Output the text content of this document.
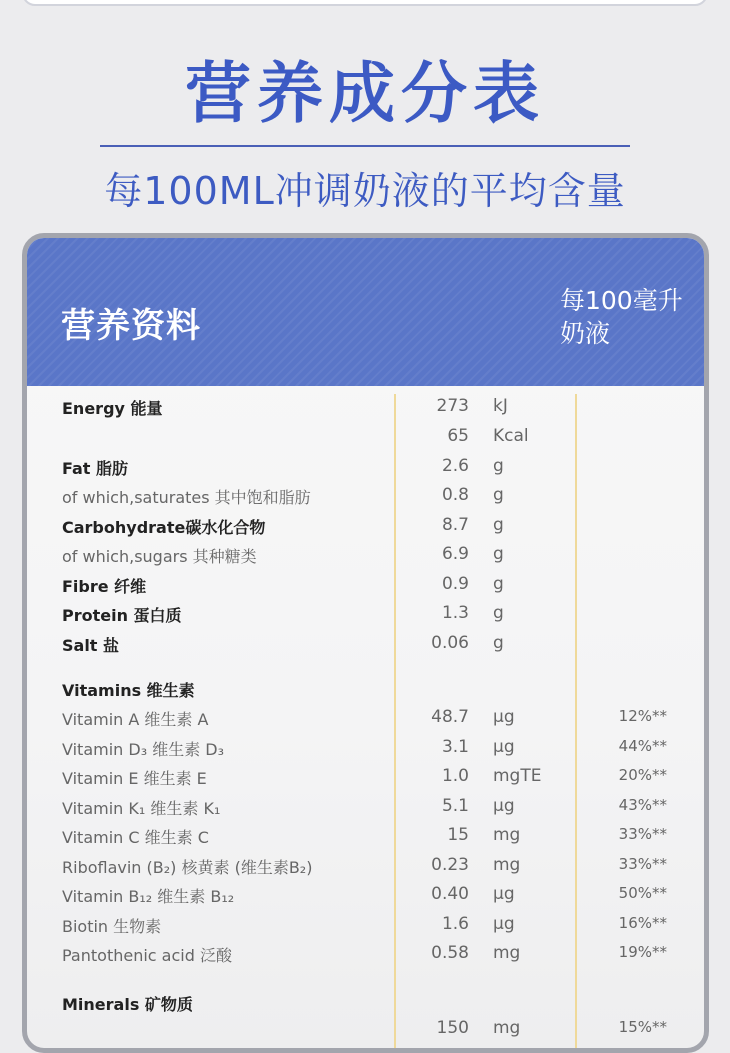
营养成分表
每100ML冲调奶液的平均含量
营养资料
每100毫升奶液
Energy 能量	273 kJ
65 Kcal
Fat 脂肪	2.6 g
of which,saturates 其中饱和脂肪	0.8 g
Carbohydrate碳水化合物	8.7 g
of which,sugars 其种糖类	6.9 g
Fibre 纤维	0.9 g
Protein 蛋白质	1.3 g
Salt 盐	0.06 g
Vitamins 维生素
Vitamin A 维生素 A	48.7 μg	12%**
Vitamin D₃ 维生素 D₃	3.1 μg	44%**
Vitamin E 维生素 E	1.0 mgTE	20%**
Vitamin K₁ 维生素 K₁	5.1 μg	43%**
Vitamin C 维生素 C	15 mg	33%**
Riboflavin (B₂) 核黄素 (维生素B₂)	0.23 mg	33%**
Vitamin B₁₂ 维生素 B₁₂	0.40 μg	50%**
Biotin 生物素	1.6 μg	16%**
Pantothenic acid 泛酸	0.58 mg	19%**
Minerals 矿物质
150 mg	15%**
